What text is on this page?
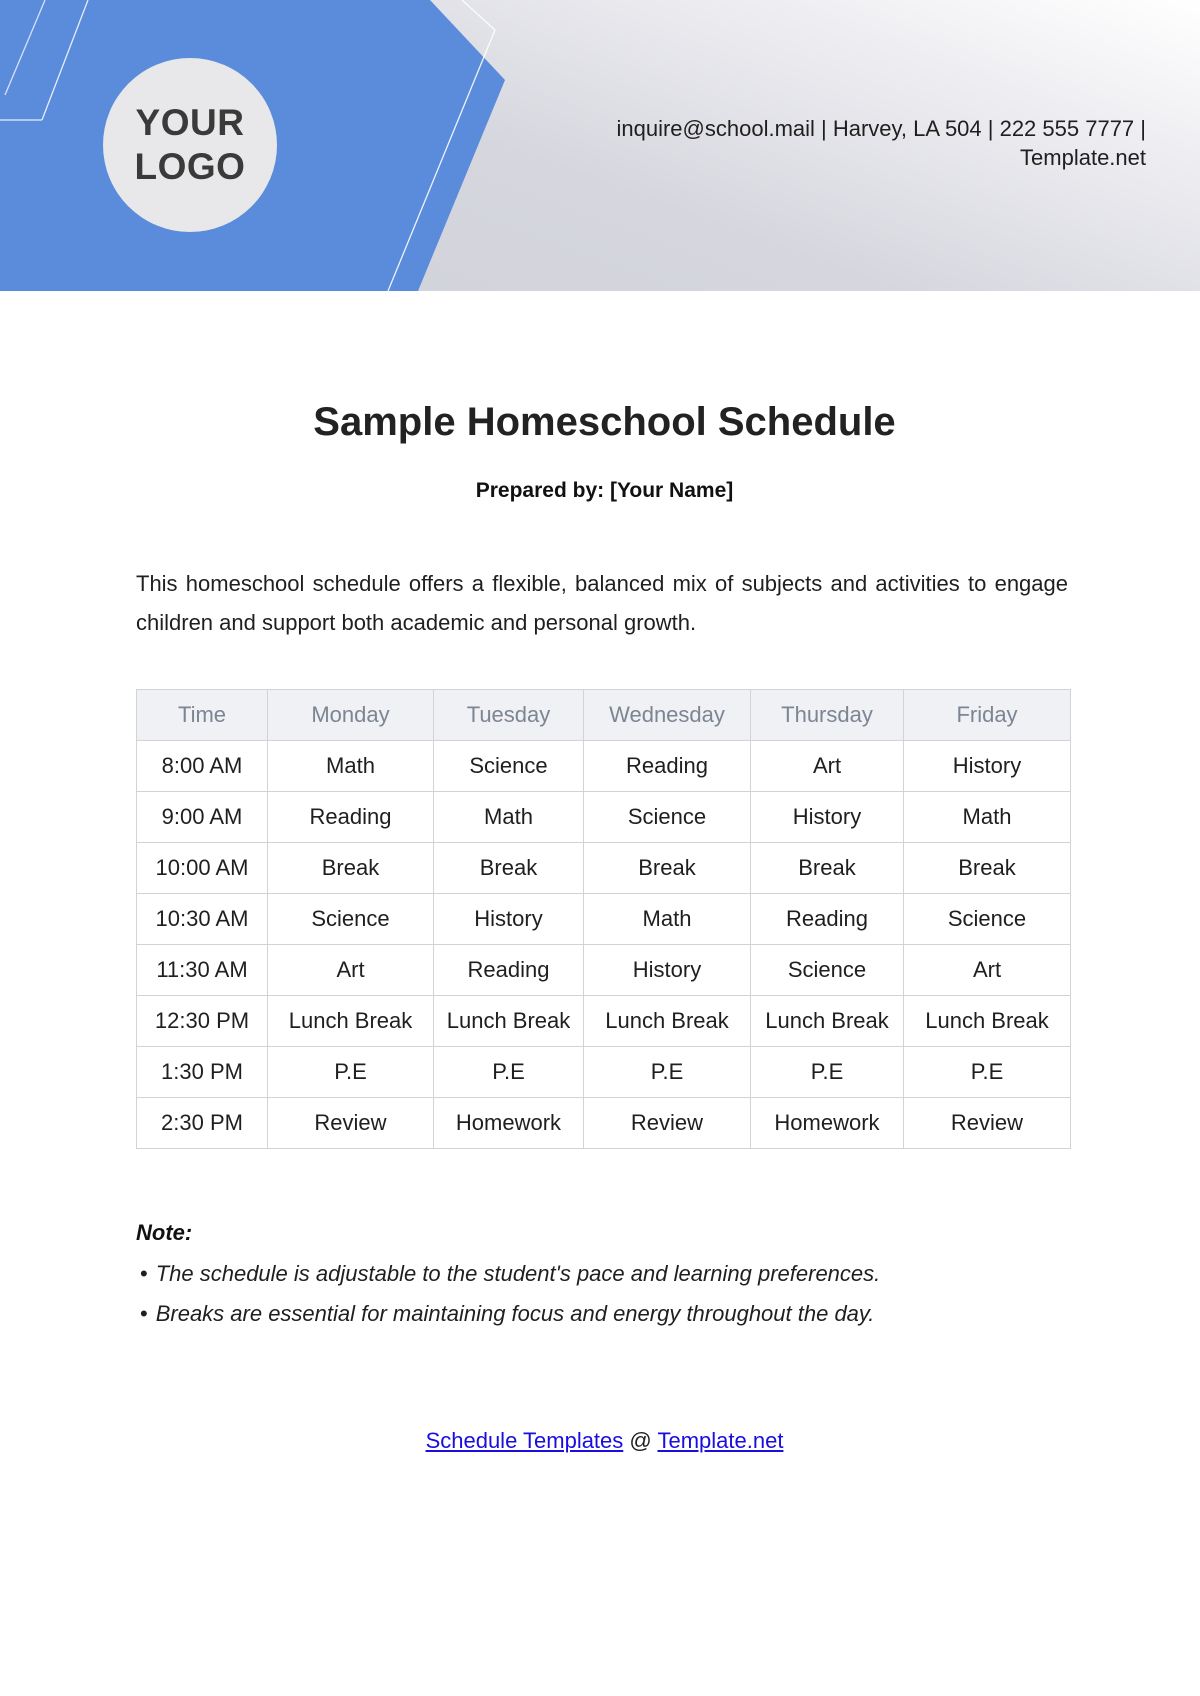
YOUR
LOGO
inquire@school.mail | Harvey, LA 504 | 222 555 7777 |
Template.net
Sample Homeschool Schedule

Prepared by: [Your Name]

This homeschool schedule offers a flexible, balanced mix of subjects and activities to engage children and support both academic and personal growth.

Time	Monday	Tuesday	Wednesday	Thursday	Friday
8:00 AM	Math	Science	Reading	Art	History
9:00 AM	Reading	Math	Science	History	Math
10:00 AM	Break	Break	Break	Break	Break
10:30 AM	Science	History	Math	Reading	Science
11:30 AM	Art	Reading	History	Science	Art
12:30 PM	Lunch Break	Lunch Break	Lunch Break	Lunch Break	Lunch Break
1:30 PM	P.E	P.E	P.E	P.E	P.E
2:30 PM	Review	Homework	Review	Homework	Review

Note:

• The schedule is adjustable to the student's pace and learning preferences.
• Breaks are essential for maintaining focus and energy throughout the day.
Schedule Templates @ Template.net
